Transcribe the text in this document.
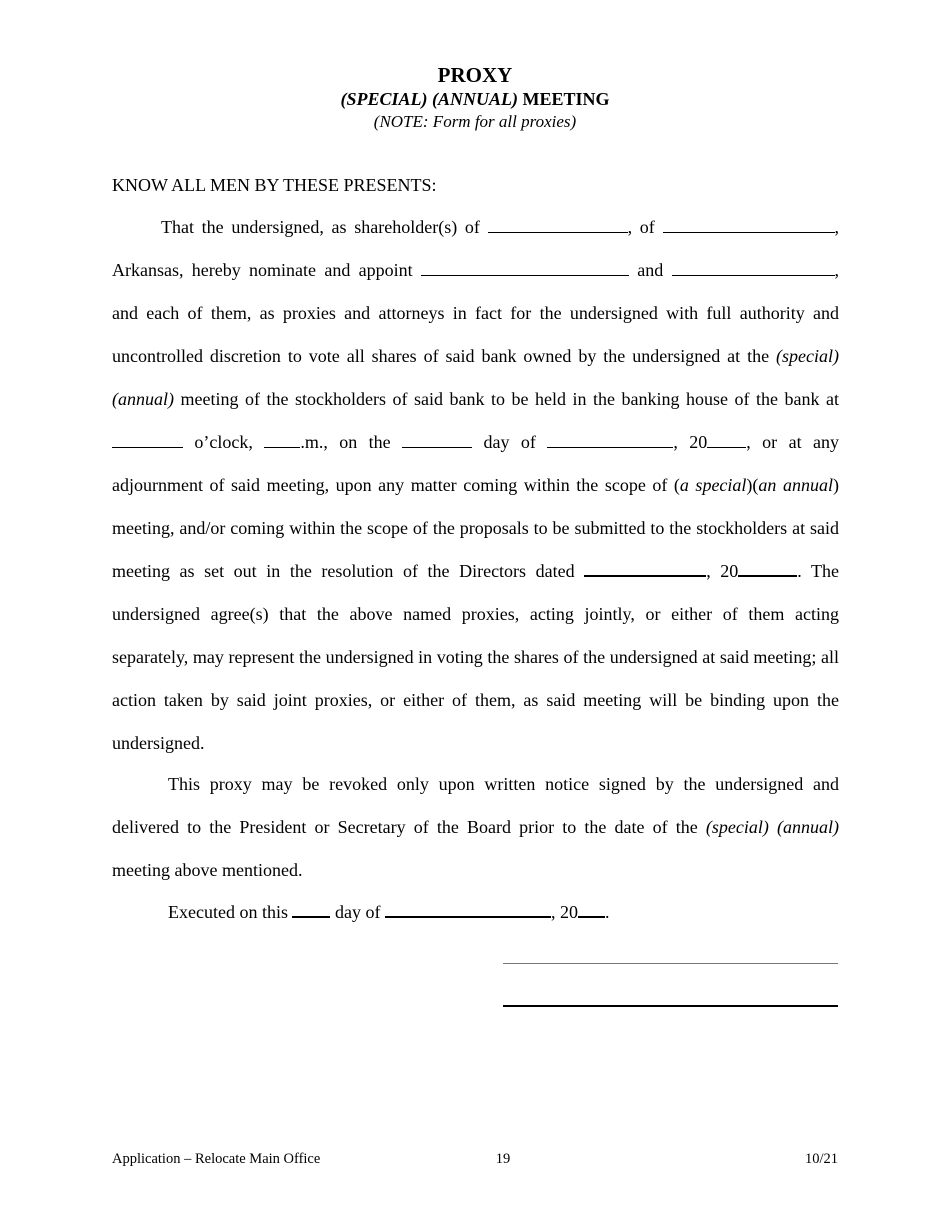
PROXY
(SPECIAL) (ANNUAL) MEETING
(NOTE: Form for all proxies)
KNOW ALL MEN BY THESE PRESENTS:
That the undersigned, as shareholder(s) of	, of	, Arkansas, hereby nominate and appoint	and	, and each of them, as proxies and attorneys in fact for the undersigned with full authority and uncontrolled discretion to vote all shares of said bank owned by the undersigned at the (special)(annual) meeting of the stockholders of said bank to be held in the banking house of the bank at o’clock, .m., on the	day of	, 20 , or at any adjournment of said meeting, upon any matter coming within the scope of (a special)(an annual) meeting, and/or coming within the scope of the proposals to be submitted to the stockholders at said meeting as set out in the resolution of the Directors dated	, 20	. The undersigned agree(s) that the above named proxies, acting jointly, or either of them acting separately, may represent the undersigned in voting the shares of the undersigned at said meeting; all action taken by said joint proxies, or either of them, as said meeting will be binding upon the undersigned.
This proxy may be revoked only upon written notice signed by the undersigned and delivered to the President or Secretary of the Board prior to the date of the (special) (annual) meeting above mentioned.
Executed on this  day of	, 20 .
Application – Relocate Main Office	19	10/21
